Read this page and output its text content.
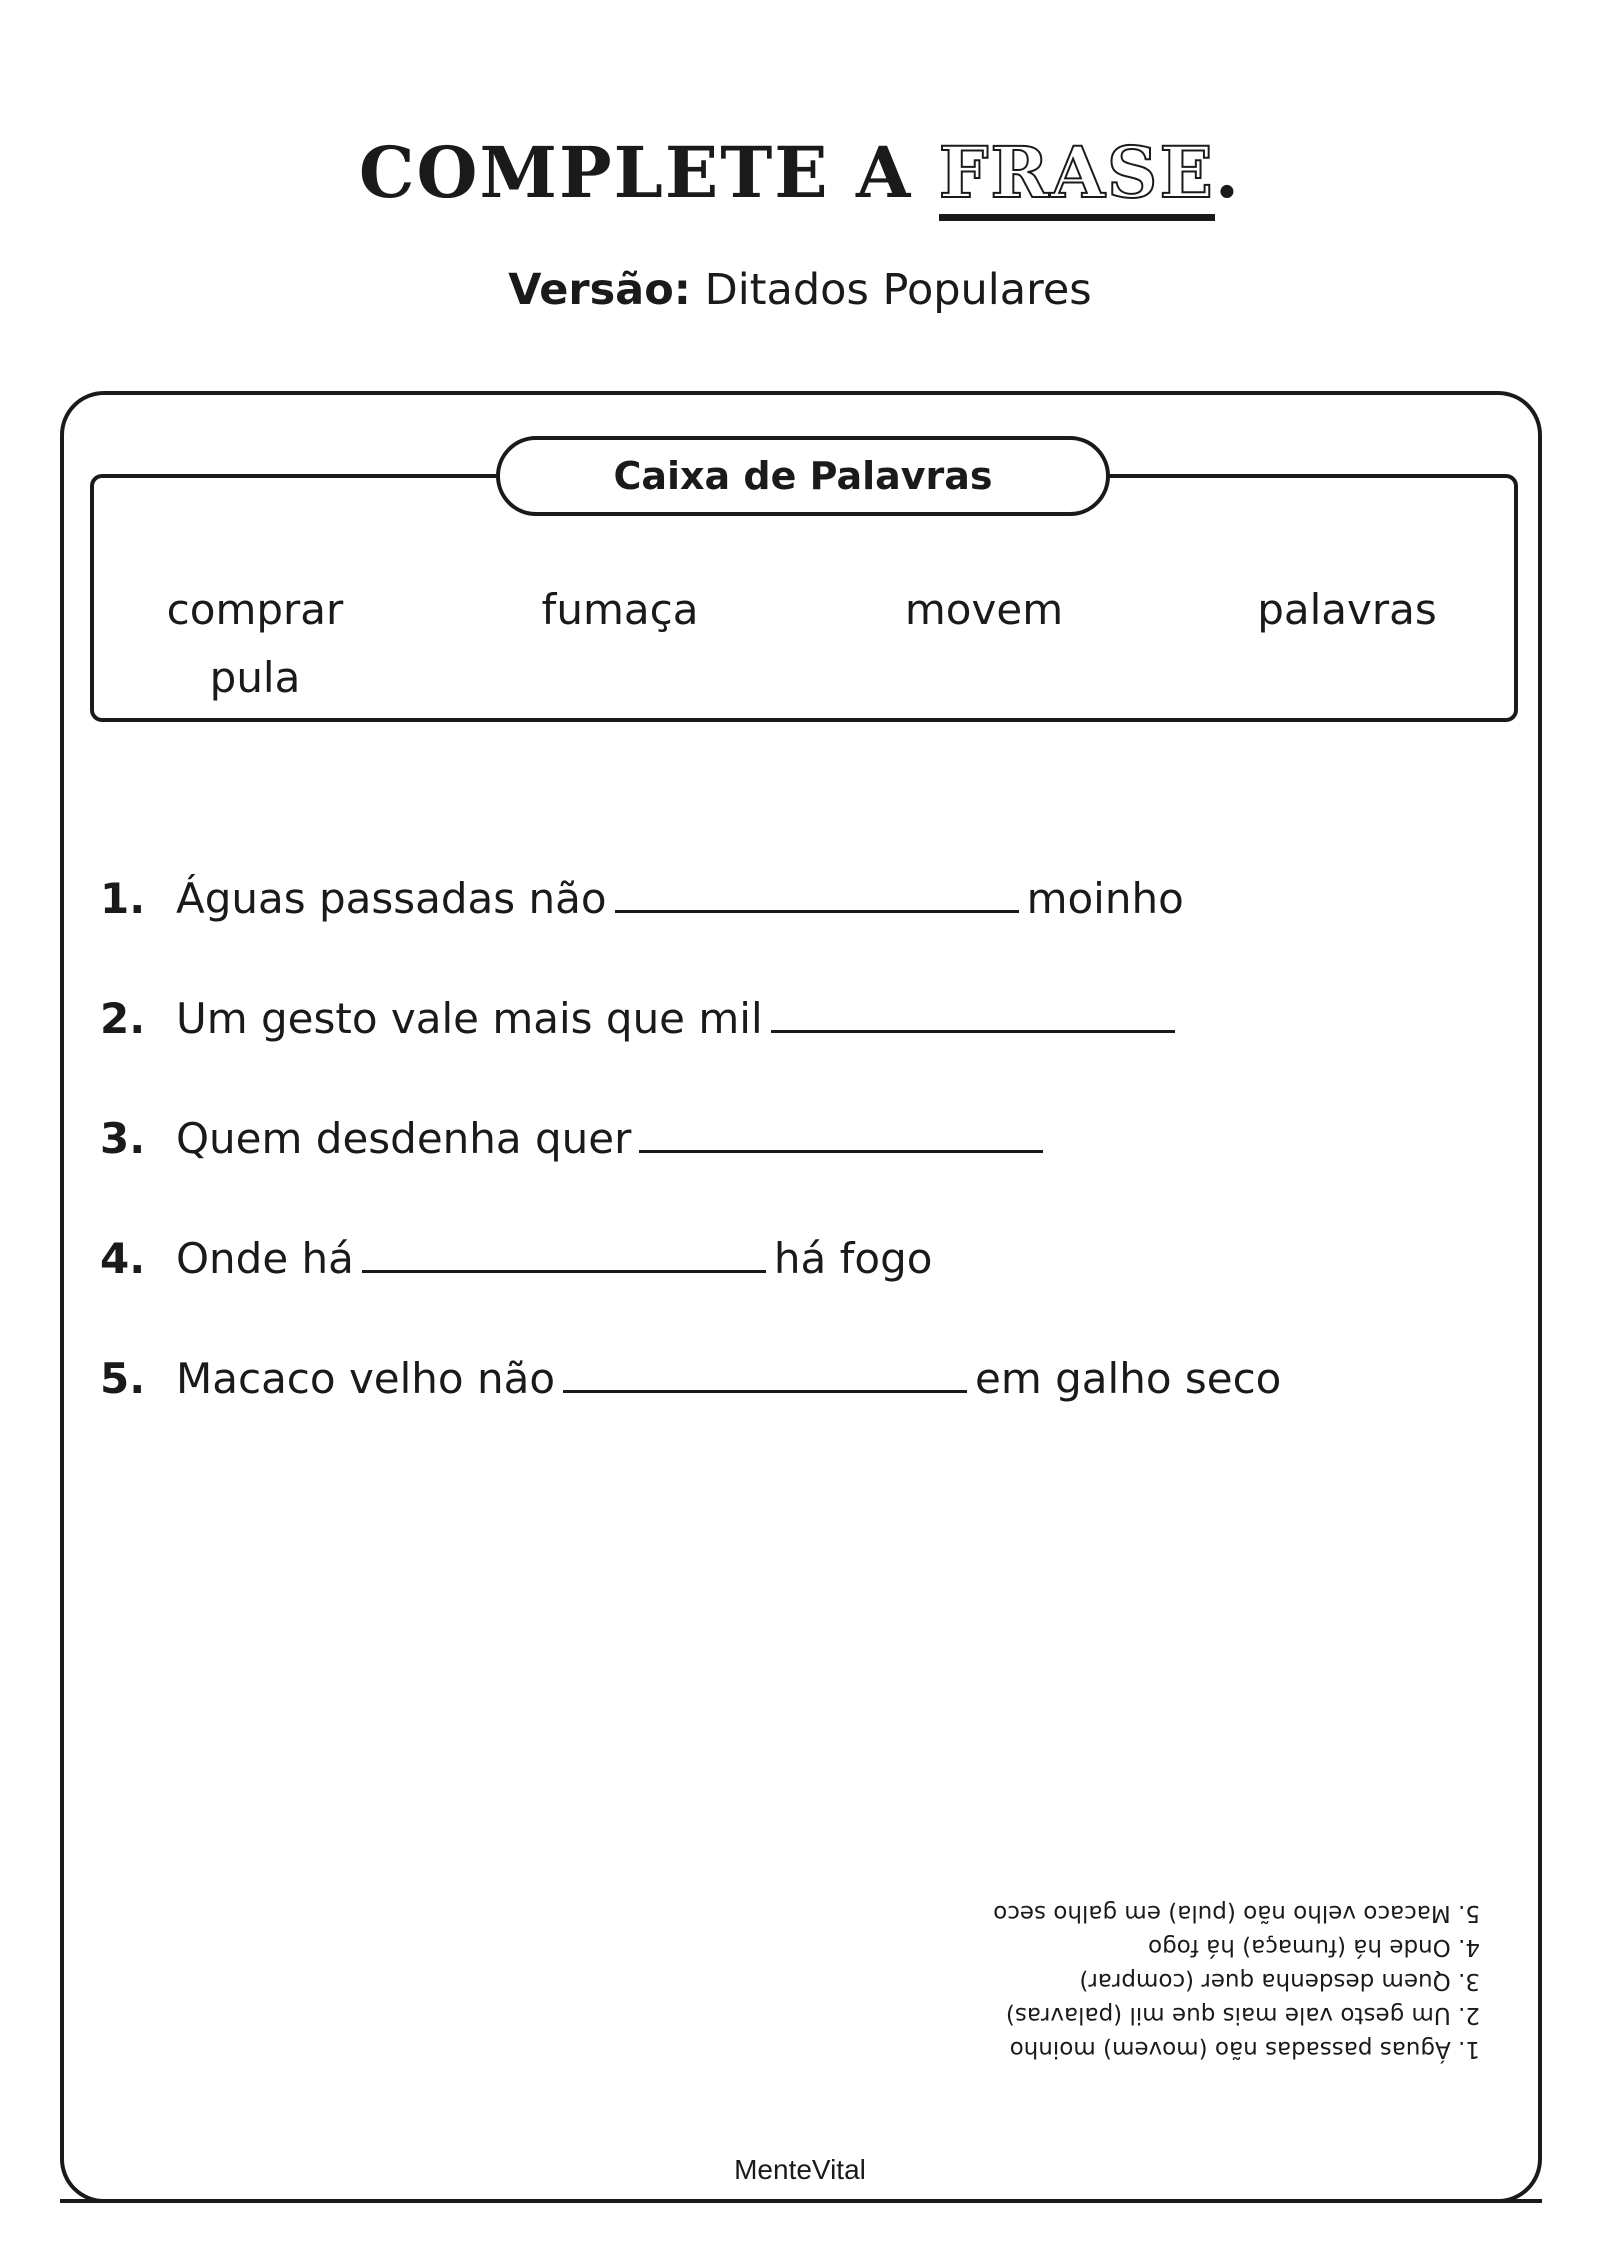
COMPLETE A FRASE.
Versão: Ditados Populares
Caixa de Palavras
comprar	fumaça	movem	palavras
pula
1. Águas passadas não	moinho
2. Um gesto vale mais que mil
3. Quem desdenha quer
4. Onde há	há fogo
5. Macaco velho não	em galho seco
1. Águas passadas não (movem) moinho
2. Um gesto vale mais que mil (palavras)
3. Quem desdenha quer (comprar)
4. Onde há (fumaça) há fogo
5. Macaco velho não (pula) em galho seco
MenteVital
